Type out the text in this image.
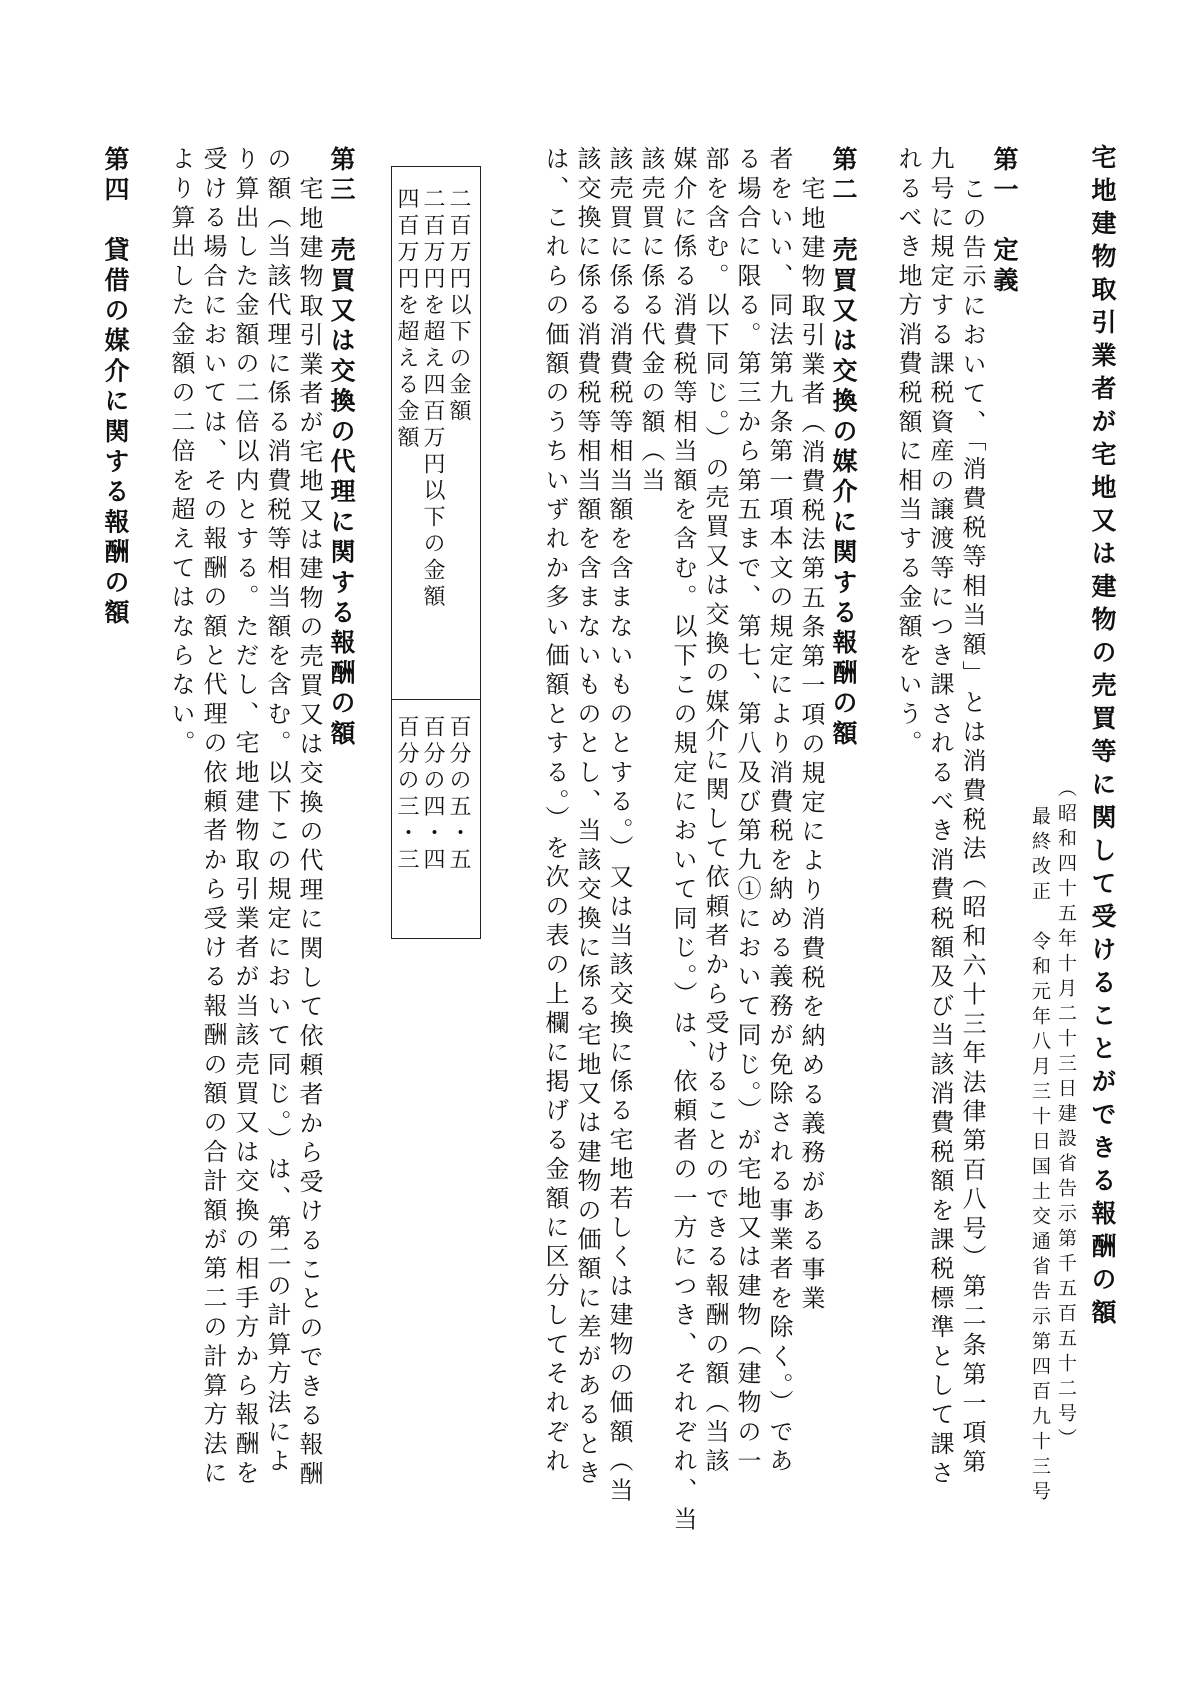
宅地建物取引業者が宅地又は建物の売買等に関して受けることができる報酬の額
（昭和四十五年十月二十三日建設省告示第千五百五十二号）
最終改正　令和元年八月三十日国土交通省告示第四百九十三号
第一　定義
この告示において、「消費税等相当額」とは消費税法（昭和六十三年法律第百八号）第二条第一項第
九号に規定する課税資産の譲渡等につき課されるべき消費税額及び当該消費税額を課税標準として課さ
れるべき地方消費税額に相当する金額をいう。
第二　売買又は交換の媒介に関する報酬の額
宅地建物取引業者（消費税法第五条第一項の規定により消費税を納める義務がある事業
者をいい、同法第九条第一項本文の規定により消費税を納める義務が免除される事業者を除く。）であ
る場合に限る。第三から第五まで、第七、第八及び第九①において同じ。）が宅地又は建物（建物の一
部を含む。以下同じ。）の売買又は交換の媒介に関して依頼者から受けることのできる報酬の額（当該
媒介に係る消費税等相当額を含む。以下この規定において同じ。）は、依頼者の一方につき、それぞれ、当該売買に係る代金の額（当
該売買に係る消費税等相当額を含まないものとする。）又は当該交換に係る宅地若しくは建物の価額（当
該交換に係る消費税等相当額を含まないものとし、当該交換に係る宅地又は建物の価額に差があるとき
は、これらの価額のうちいずれか多い価額とする。）を次の表の上欄に掲げる金額に区分してそれぞれ
二百万円以下の金額
二百万円を超え四百万円以下の金額
四百万円を超える金額
百分の五・五
百分の四・四
百分の三・三
第三　売買又は交換の代理に関する報酬の額
宅地建物取引業者が宅地又は建物の売買又は交換の代理に関して依頼者から受けることのできる報酬
の額（当該代理に係る消費税等相当額を含む。以下この規定において同じ。）は、第二の計算方法によ
り算出した金額の二倍以内とする。ただし、宅地建物取引業者が当該売買又は交換の相手方から報酬を
受ける場合においては、その報酬の額と代理の依頼者から受ける報酬の額の合計額が第二の計算方法に
より算出した金額の二倍を超えてはならない。
第四　貸借の媒介に関する報酬の額
